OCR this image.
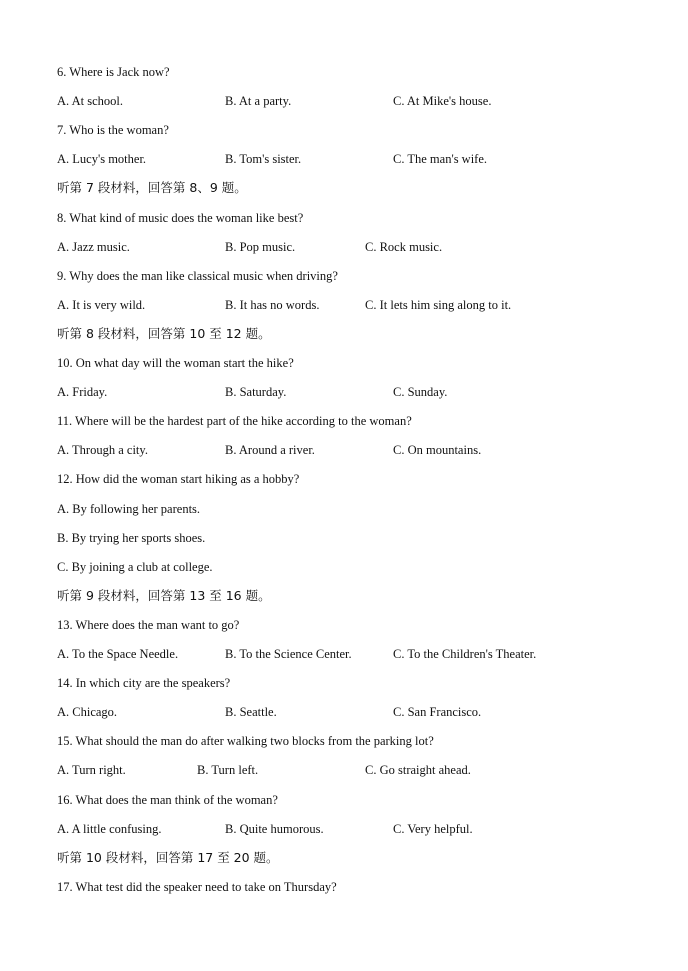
6. Where is Jack now?
A. At school.	B. At a party.	C. At Mike's house.
7. Who is the woman?
A. Lucy's mother.	B. Tom's sister.	C. The man's wife.
听第 7 段材料，回答第 8、9 题。
8. What kind of music does the woman like best?
A. Jazz music.	B. Pop music.	C. Rock music.
9. Why does the man like classical music when driving?
A. It is very wild.	B. It has no words.	C. It lets him sing along to it.
听第 8 段材料，回答第 10 至 12 题。
10. On what day will the woman start the hike?
A. Friday.	B. Saturday.	C. Sunday.
11. Where will be the hardest part of the hike according to the woman?
A. Through a city.	B. Around a river.	C. On mountains.
12. How did the woman start hiking as a hobby?
A. By following her parents.
B. By trying her sports shoes.
C. By joining a club at college.
听第 9 段材料，回答第 13 至 16 题。
13. Where does the man want to go?
A. To the Space Needle.	B. To the Science Center.	C. To the Children's Theater.
14. In which city are the speakers?
A. Chicago.	B. Seattle.	C. San Francisco.
15. What should the man do after walking two blocks from the parking lot?
A. Turn right.	B. Turn left.	C. Go straight ahead.
16. What does the man think of the woman?
A. A little confusing.	B. Quite humorous.	C. Very helpful.
听第 10 段材料，回答第 17 至 20 题。
17. What test did the speaker need to take on Thursday?
